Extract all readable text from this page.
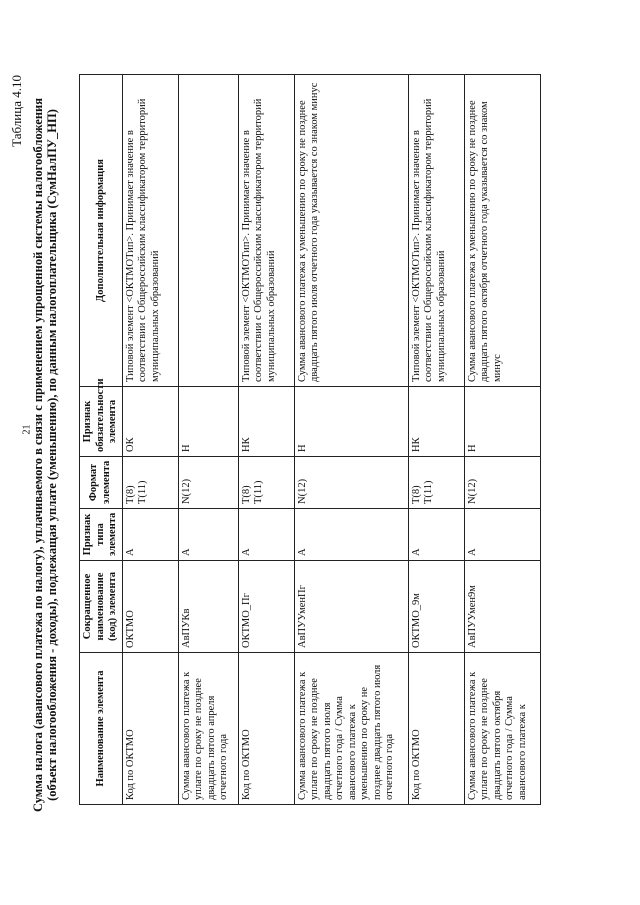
21
Таблица 4.10 Сумма налога (авансового платежа по налогу), уплачиваемого в связи с применением упрощенной системы налогообложения (объект налогообложения - доходы), подлежащая уплате (уменьшению), по данным налогоплательщика (СумНалПУ_НП)	Наименование элемента	Сокращенное наименование (код) элемента	Признак типа элемента	Формат элемента	Признак обязательности элемента	Дополнительная информация
Код по ОКТМО	ОКТМО	А	T(8) T(11)	ОК	Типовой элемент <ОКТМОТип>. Принимает значение в соответствии с Общероссийским классификатором территорий муниципальных образований
Сумма авансового платежа к уплате по сроку не позднее двадцать пятого апреля отчетного года	АвПУКв	А	N(12)	Н	
Код по ОКТМО	ОКТМО_Пг	А	T(8) T(11)	НК	Типовой элемент <ОКТМОТип>. Принимает значение в соответствии с Общероссийским классификатором территорий муниципальных образований
Сумма авансового платежа к уплате по сроку не позднее двадцать пятого июля отчетного года / Сумма авансового платежа к уменьшению по сроку не позднее двадцать пятого июля отчетного года	АвПУУменПг	А	N(12)	Н	Сумма авансового платежа к уменьшению по сроку не позднее двадцать пятого июля отчетного года указывается со знаком минус
Код по ОКТМО	ОКТМО_9м	А	T(8) T(11)	НК	Типовой элемент <ОКТМОТип>. Принимает значение в соответствии с Общероссийским классификатором территорий муниципальных образований
Сумма авансового платежа к уплате по сроку не позднее двадцать пятого октября отчетного года / Сумма авансового платежа к	АвПУУмен9м	А	N(12)	Н	Сумма авансового платежа к уменьшению по сроку не позднее двадцать пятого октября отчетного года указывается со знаком минус
